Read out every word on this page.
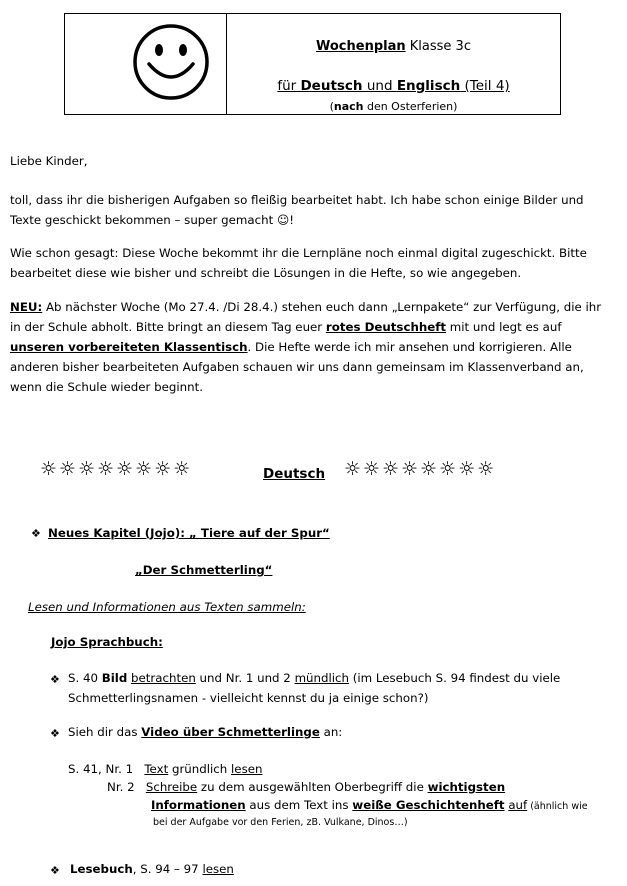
Wochenplan Klasse 3c
für Deutsch und Englisch (Teil 4)
(nach den Osterferien)
Liebe Kinder,
toll, dass ihr die bisherigen Aufgaben so fleißig bearbeitet habt. Ich habe schon einige Bilder und Texte geschickt bekommen – super gemacht ☺!
Wie schon gesagt: Diese Woche bekommt ihr die Lernpläne noch einmal digital zugeschickt. Bitte bearbeitet diese wie bisher und schreibt die Lösungen in die Hefte, so wie angegeben.
NEU: Ab nächster Woche (Mo 27.4. /Di 28.4.) stehen euch dann „Lernpakete“ zur Verfügung, die ihr in der Schule abholt. Bitte bringt an diesem Tag euer rotes Deutschheft mit und legt es auf unseren vorbereiteten Klassentisch. Die Hefte werde ich mir ansehen und korrigieren. Alle anderen bisher bearbeiteten Aufgaben schauen wir uns dann gemeinsam im Klassenverband an, wenn die Schule wieder beginnt.
☼☼☼☼☼☼☼☼	Deutsch ☼☼☼☼☼☼☼☼
❖ Neues Kapitel (Jojo): „ Tiere auf der Spur“
„Der Schmetterling“
Lesen und Informationen aus Texten sammeln:
Jojo Sprachbuch:
❖ S. 40 Bild betrachten und Nr. 1 und 2 mündlich (im Lesebuch S. 94 findest du viele
Schmetterlingsnamen - vielleicht kennst du ja einige schon?)
❖ Sieh dir das Video über Schmetterlinge an:
S. 41, Nr. 1   Text gründlich lesen
Nr. 2   Schreibe zu dem ausgewählten Oberbegriff die wichtigsten
Informationen aus dem Text ins weiße Geschichtenheft auf (ähnlich wie
bei der Aufgabe vor den Ferien, zB. Vulkane, Dinos…)
❖ Lesebuch, S. 94 – 97 lesen
